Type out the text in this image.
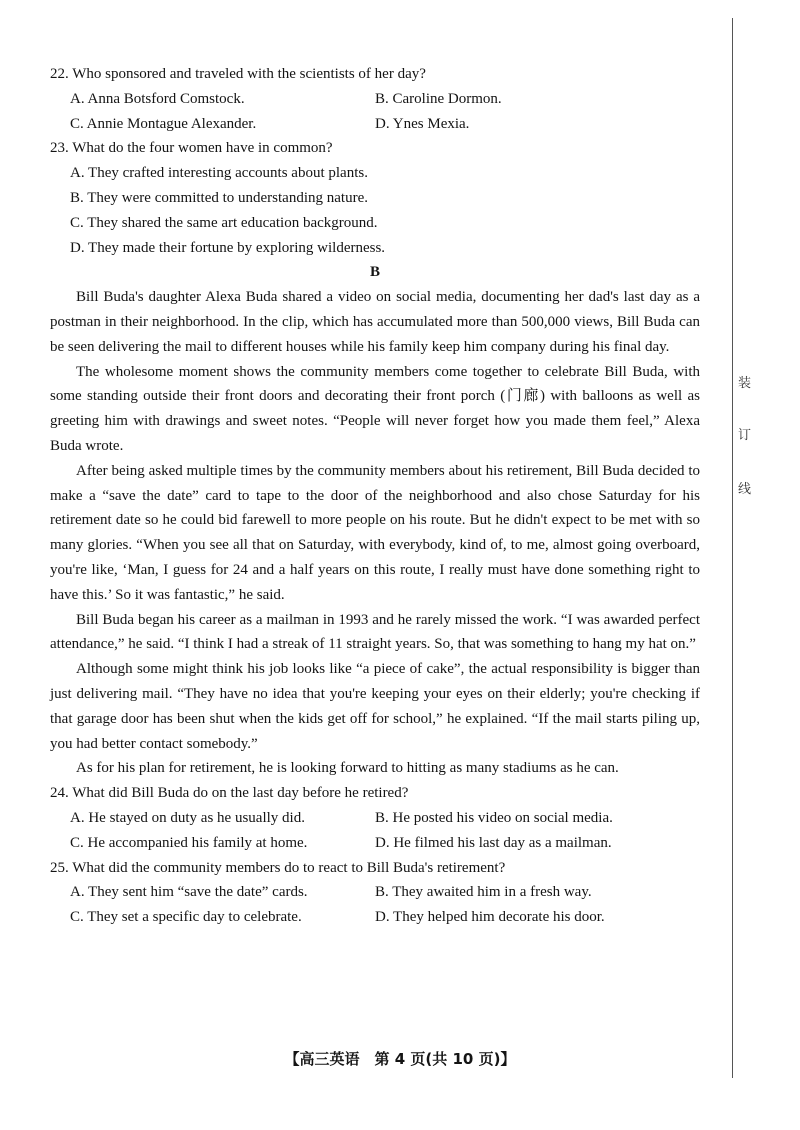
装
订
线
22. Who sponsored and traveled with the scientists of her day?
A. Anna Botsford Comstock.	B. Caroline Dormon.
C. Annie Montague Alexander.	D. Ynes Mexia.
23. What do the four women have in common?
A. They crafted interesting accounts about plants.
B. They were committed to understanding nature.
C. They shared the same art education background.
D. They made their fortune by exploring wilderness.
B

Bill Buda's daughter Alexa Buda shared a video on social media, documenting her dad's last day as a postman in their neighborhood. In the clip, which has accumulated more than 500,000 views, Bill Buda can be seen delivering the mail to different houses while his family keep him company during his final day.

The wholesome moment shows the community members come together to celebrate Bill Buda, with some standing outside their front doors and decorating their front porch (门廊) with balloons as well as greeting him with drawings and sweet notes. “People will never forget how you made them feel,” Alexa Buda wrote.

After being asked multiple times by the community members about his retirement, Bill Buda decided to make a “save the date” card to tape to the door of the neighborhood and also chose Saturday for his retirement date so he could bid farewell to more people on his route. But he didn't expect to be met with so many glories. “When you see all that on Saturday, with everybody, kind of, to me, almost going overboard, you're like, ‘Man, I guess for 24 and a half years on this route, I really must have done something right to have this.’ So it was fantastic,” he said.

Bill Buda began his career as a mailman in 1993 and he rarely missed the work. “I was awarded perfect attendance,” he said. “I think I had a streak of 11 straight years. So, that was something to hang my hat on.”

Although some might think his job looks like “a piece of cake”, the actual responsibility is bigger than just delivering mail. “They have no idea that you're keeping your eyes on their elderly; you're checking if that garage door has been shut when the kids get off for school,” he explained. “If the mail starts piling up, you had better contact somebody.”

As for his plan for retirement, he is looking forward to hitting as many stadiums as he can.

24. What did Bill Buda do on the last day before he retired?
A. He stayed on duty as he usually did.	B. He posted his video on social media.
C. He accompanied his family at home.	D. He filmed his last day as a mailman.
25. What did the community members do to react to Bill Buda's retirement?
A. They sent him “save the date” cards.	B. They awaited him in a fresh way.
C. They set a specific day to celebrate.	D. They helped him decorate his door.
【高三英语　第 4 页(共 10 页)】
